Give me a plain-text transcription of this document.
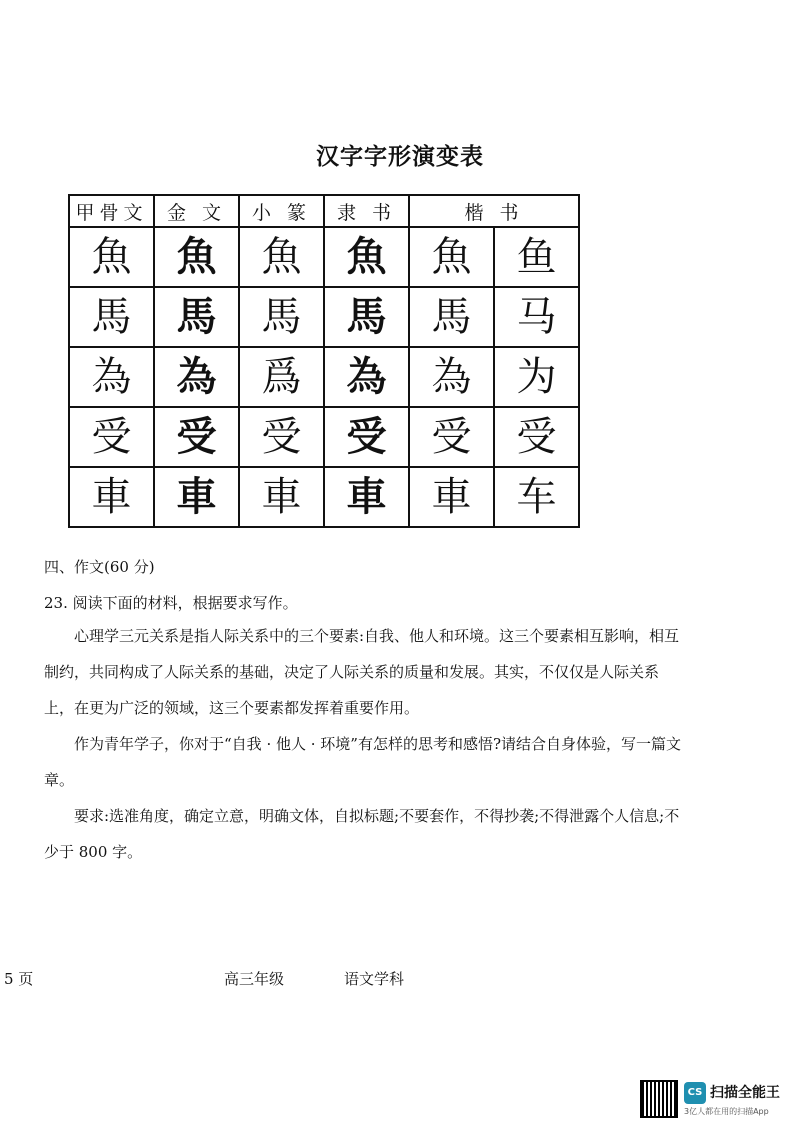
汉字字形演变表
甲骨文	金 文	小 篆	隶 书	楷 书	
魚	魚	魚	魚	魚	鱼
馬	馬	馬	馬	馬	马
為	為	爲	為	為	为
受	受	受	受	受	受
車	車	車	車	車	车
四、作文(60 分)
23. 阅读下面的材料，根据要求写作。

心理学三元关系是指人际关系中的三个要素:自我、他人和环境。这三个要素相互影响，相互制约，共同构成了人际关系的基础，决定了人际关系的质量和发展。其实，不仅仅是人际关系上，在更为广泛的领域，这三个要素都发挥着重要作用。

作为青年学子，你对于“自我 · 他人 · 环境”有怎样的思考和感悟?请结合自身体验，写一篇文章。

要求:选准角度，确定立意，明确文体，自拟标题;不要套作，不得抄袭;不得泄露个人信息;不少于 800 字。

5 页	高三年级	语文学科
CS 扫描全能王
3亿人都在用的扫描App
